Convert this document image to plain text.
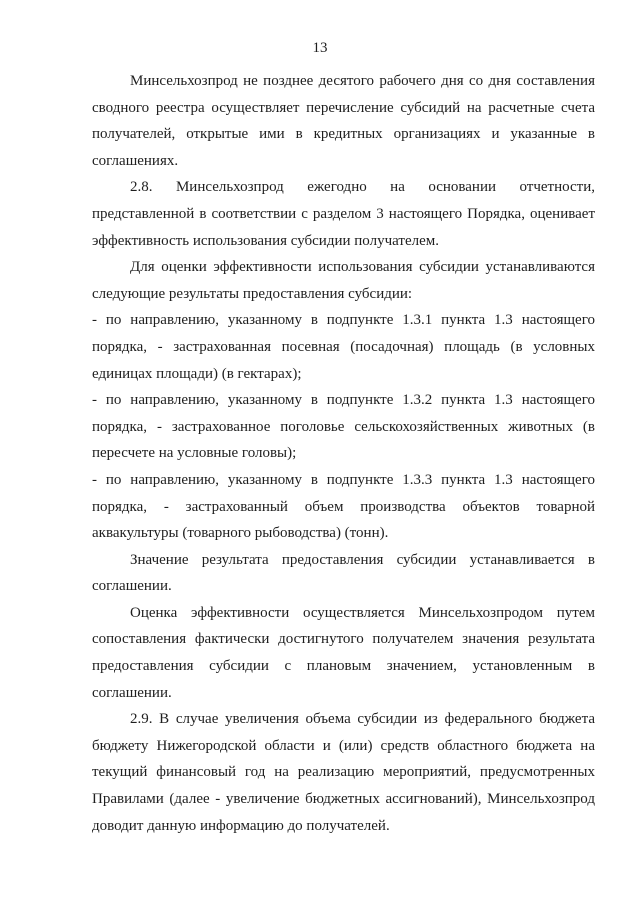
13

Минсельхозпрод не позднее десятого рабочего дня со дня составления сводного реестра осуществляет перечисление субсидий на расчетные счета получателей, открытые ими в кредитных организациях и указанные в соглашениях.

2.8. Минсельхозпрод ежегодно на основании отчетности, представленной в соответствии с разделом 3 настоящего Порядка, оценивает эффективность использования субсидии получателем.

Для оценки эффективности использования субсидии устанавливаются следующие результаты предоставления субсидии:

- по направлению, указанному в подпункте 1.3.1 пункта 1.3 настоящего порядка, - застрахованная посевная (посадочная) площадь (в условных единицах площади) (в гектарах);

- по направлению, указанному в подпункте 1.3.2 пункта 1.3 настоящего порядка, - застрахованное поголовье сельскохозяйственных животных (в пересчете на условные головы);

- по направлению, указанному в подпункте 1.3.3 пункта 1.3 настоящего порядка, - застрахованный объем производства объектов товарной аквакультуры (товарного рыбоводства) (тонн).

Значение результата предоставления субсидии устанавливается в соглашении.

Оценка эффективности осуществляется Минсельхозпродом путем сопоставления фактически достигнутого получателем значения результата предоставления субсидии с плановым значением, установленным в соглашении.

2.9. В случае увеличения объема субсидии из федерального бюджета бюджету Нижегородской области и (или) средств областного бюджета на текущий финансовый год на реализацию мероприятий, предусмотренных Правилами (далее - увеличение бюджетных ассигнований), Минсельхозпрод доводит данную информацию до получателей.
